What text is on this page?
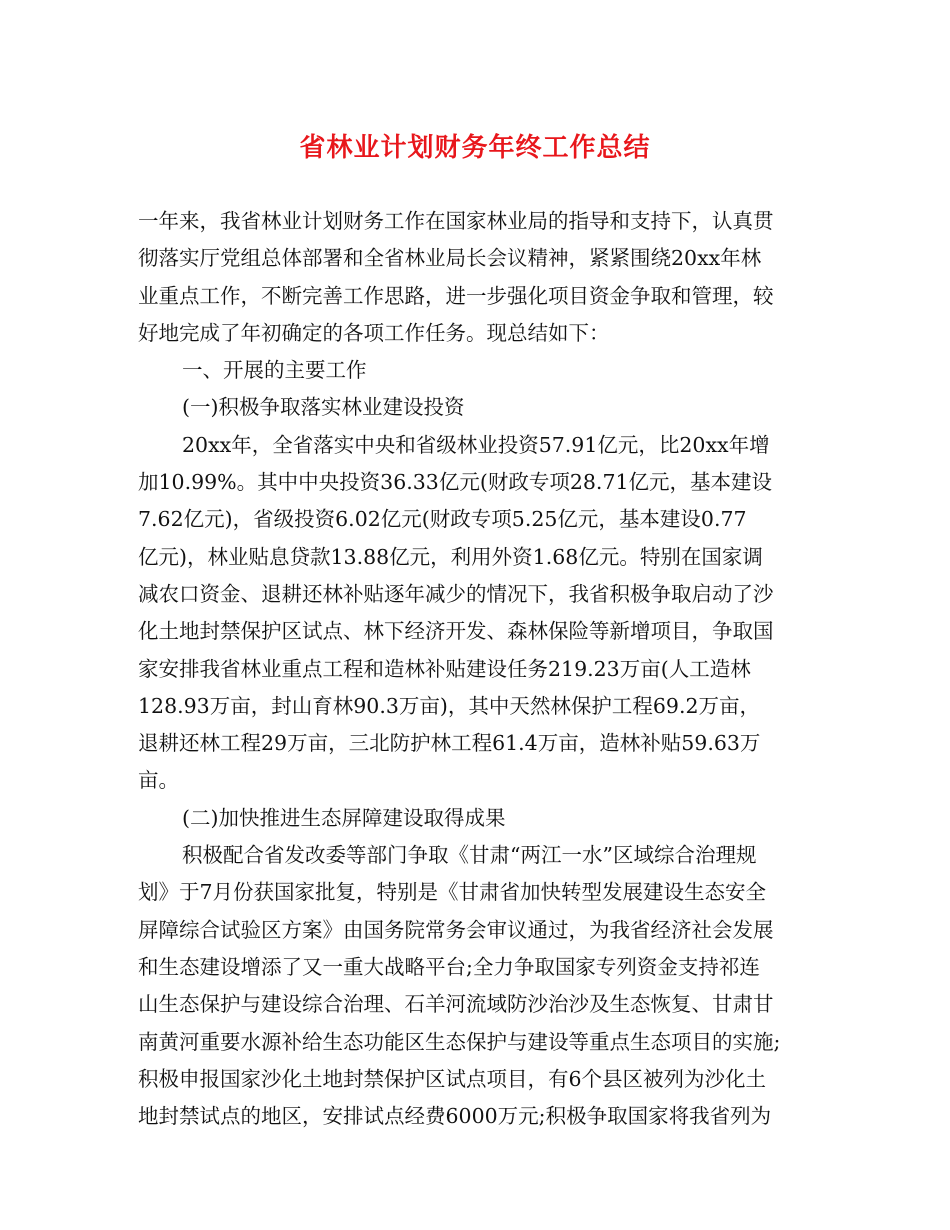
省林业计划财务年终工作总结
一年来，我省林业计划财务工作在国家林业局的指导和支持下，认真贯
彻落实厅党组总体部署和全省林业局长会议精神，紧紧围绕20xx年林
业重点工作，不断完善工作思路，进一步强化项目资金争取和管理，较
好地完成了年初确定的各项工作任务。现总结如下：
一、开展的主要工作
(一)积极争取落实林业建设投资
20xx年，全省落实中央和省级林业投资57.91亿元，比20xx年增
加10.99%。其中中央投资36.33亿元(财政专项28.71亿元，基本建设
7.62亿元)，省级投资6.02亿元(财政专项5.25亿元，基本建设0.77
亿元)，林业贴息贷款13.88亿元，利用外资1.68亿元。特别在国家调
减农口资金、退耕还林补贴逐年减少的情况下，我省积极争取启动了沙
化土地封禁保护区试点、林下经济开发、森林保险等新增项目，争取国
家安排我省林业重点工程和造林补贴建设任务219.23万亩(人工造林
128.93万亩，封山育林90.3万亩)，其中天然林保护工程69.2万亩，
退耕还林工程29万亩，三北防护林工程61.4万亩，造林补贴59.63万
亩。
(二)加快推进生态屏障建设取得成果
积极配合省发改委等部门争取《甘肃“两江一水”区域综合治理规
划》于7月份获国家批复，特别是《甘肃省加快转型发展建设生态安全
屏障综合试验区方案》由国务院常务会审议通过，为我省经济社会发展
和生态建设增添了又一重大战略平台;全力争取国家专列资金支持祁连
山生态保护与建设综合治理、石羊河流域防沙治沙及生态恢复、甘肃甘
南黄河重要水源补给生态功能区生态保护与建设等重点生态项目的实施;
积极申报国家沙化土地封禁保护区试点项目，有6个县区被列为沙化土
地封禁试点的地区，安排试点经费6000万元;积极争取国家将我省列为
